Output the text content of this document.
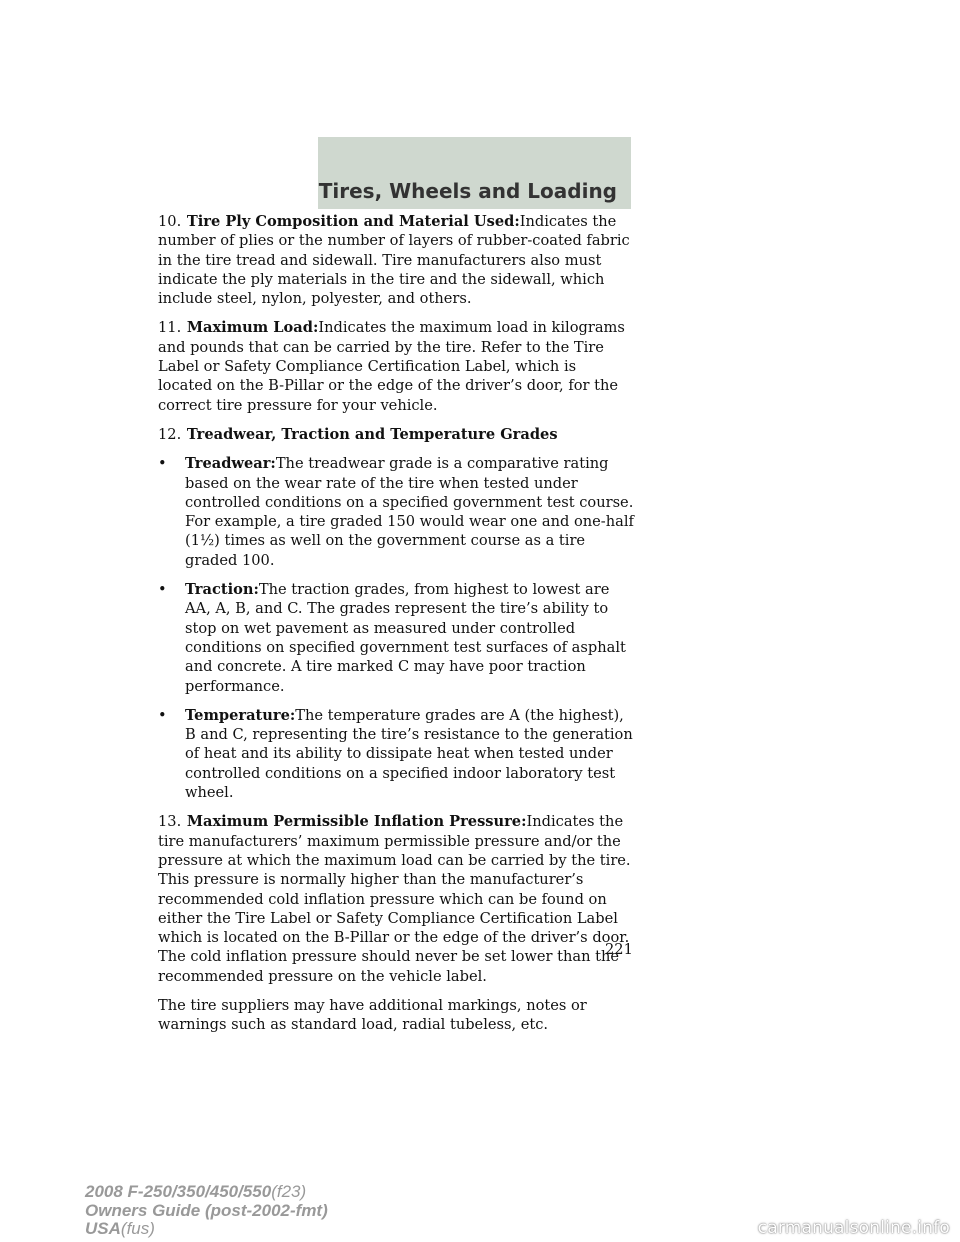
Tires, Wheels and Loading

10. Tire Ply Composition and Material Used:Indicates the number of plies or the number of layers of rubber-coated fabric in the tire tread and sidewall. Tire manufacturers also must indicate the ply materials in the tire and the sidewall, which include steel, nylon, polyester, and others.

11. Maximum Load:Indicates the maximum load in kilograms and pounds that can be carried by the tire. Refer to the Tire Label or Safety Compliance Certification Label, which is located on the B-Pillar or the edge of the driver’s door, for the correct tire pressure for your vehicle.

12. Treadwear, Traction and Temperature Grades

• Treadwear:The treadwear grade is a comparative rating based on the wear rate of the tire when tested under controlled conditions on a specified government test course. For example, a tire graded 150 would wear one and one-half (1½) times as well on the government course as a tire graded 100.

• Traction:The traction grades, from highest to lowest are AA, A, B, and C. The grades represent the tire’s ability to stop on wet pavement as measured under controlled conditions on specified government test surfaces of asphalt and concrete. A tire marked C may have poor traction performance.

• Temperature:The temperature grades are A (the highest), B and C, representing the tire’s resistance to the generation of heat and its ability to dissipate heat when tested under controlled conditions on a specified indoor laboratory test wheel.

13. Maximum Permissible Inflation Pressure:Indicates the tire manufacturers’ maximum permissible pressure and/or the pressure at which the maximum load can be carried by the tire. This pressure is normally higher than the manufacturer’s recommended cold inflation pressure which can be found on either the Tire Label or Safety Compliance Certification Label which is located on the B-Pillar or the edge of the driver’s door. The cold inflation pressure should never be set lower than the recommended pressure on the vehicle label.

The tire suppliers may have additional markings, notes or warnings such as standard load, radial tubeless, etc.

221
2008 F-250/350/450/550(f23)
Owners Guide (post-2002-fmt)
USA(fus)	carmanualsonline.info
